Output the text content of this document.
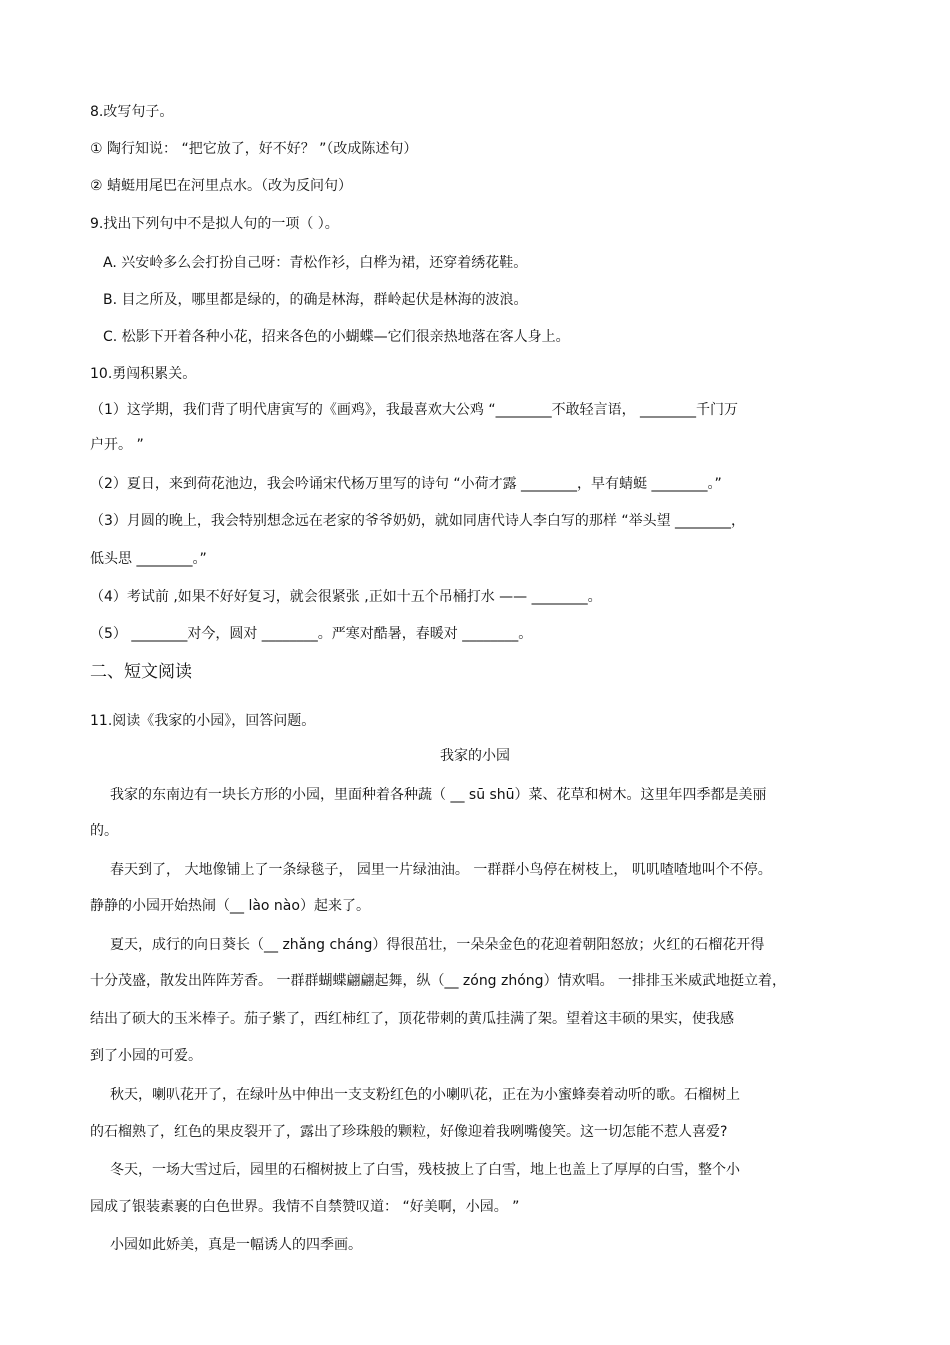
8.改写句子。
① 陶行知说： “把它放了，好不好？ ”（改成陈述句）
② 蜻蜓用尾巴在河里点水。（改为反问句）
9.找出下列句中不是拟人句的一项（ ）。
A. 兴安岭多么会打扮自己呀：青松作衫，白桦为裙，还穿着绣花鞋。
B. 目之所及，哪里都是绿的，的确是林海，群岭起伏是林海的波浪。
C. 松影下开着各种小花，招来各色的小蝴蝶—它们很亲热地落在客人身上。
10.勇闯积累关。
（1）这学期，我们背了明代唐寅写的《画鸡》，我最喜欢大公鸡 “________不敢轻言语， ________千门万
户开。 ”
（2）夏日，来到荷花池边，我会吟诵宋代杨万里写的诗句 “小荷才露 ________，早有蜻蜓 ________。”
（3）月圆的晚上，我会特别想念远在老家的爷爷奶奶，就如同唐代诗人李白写的那样 “举头望 ________，
低头思 ________。”
（4）考试前 ,如果不好好复习，就会很紧张 ,正如十五个吊桶打水 —— ________。
（5） ________对今，圆对 ________。严寒对酷暑，春暖对 ________。
二、短文阅读
11.阅读《我家的小园》，回答问题。
我家的小园
我家的东南边有一块长方形的小园，里面种着各种蔬（ __ sū shū）菜、花草和树木。这里年四季都是美丽
的。
春天到了， 大地像铺上了一条绿毯子， 园里一片绿油油。 一群群小鸟停在树枝上， 叽叽喳喳地叫个不停。
静静的小园开始热闹（__ lào nào）起来了。
夏天，成行的向日葵长（__ zhǎng cháng）得很茁壮，一朵朵金色的花迎着朝阳怒放；火红的石榴花开得
十分茂盛，散发出阵阵芳香。 一群群蝴蝶翩翩起舞，纵（__ zóng zhóng）情欢唱。 一排排玉米威武地挺立着，
结出了硕大的玉米棒子。茄子紫了，西红柿红了，顶花带刺的黄瓜挂满了架。望着这丰硕的果实，使我感
到了小园的可爱。
秋天，喇叭花开了，在绿叶丛中伸出一支支粉红色的小喇叭花，正在为小蜜蜂奏着动听的歌。石榴树上
的石榴熟了，红色的果皮裂开了，露出了珍珠般的颗粒，好像迎着我咧嘴傻笑。这一切怎能不惹人喜爱?
冬天，一场大雪过后，园里的石榴树披上了白雪，残枝披上了白雪，地上也盖上了厚厚的白雪，整个小
园成了银装素裹的白色世界。我情不自禁赞叹道： “好美啊，小园。 ”
小园如此娇美，真是一幅诱人的四季画。
